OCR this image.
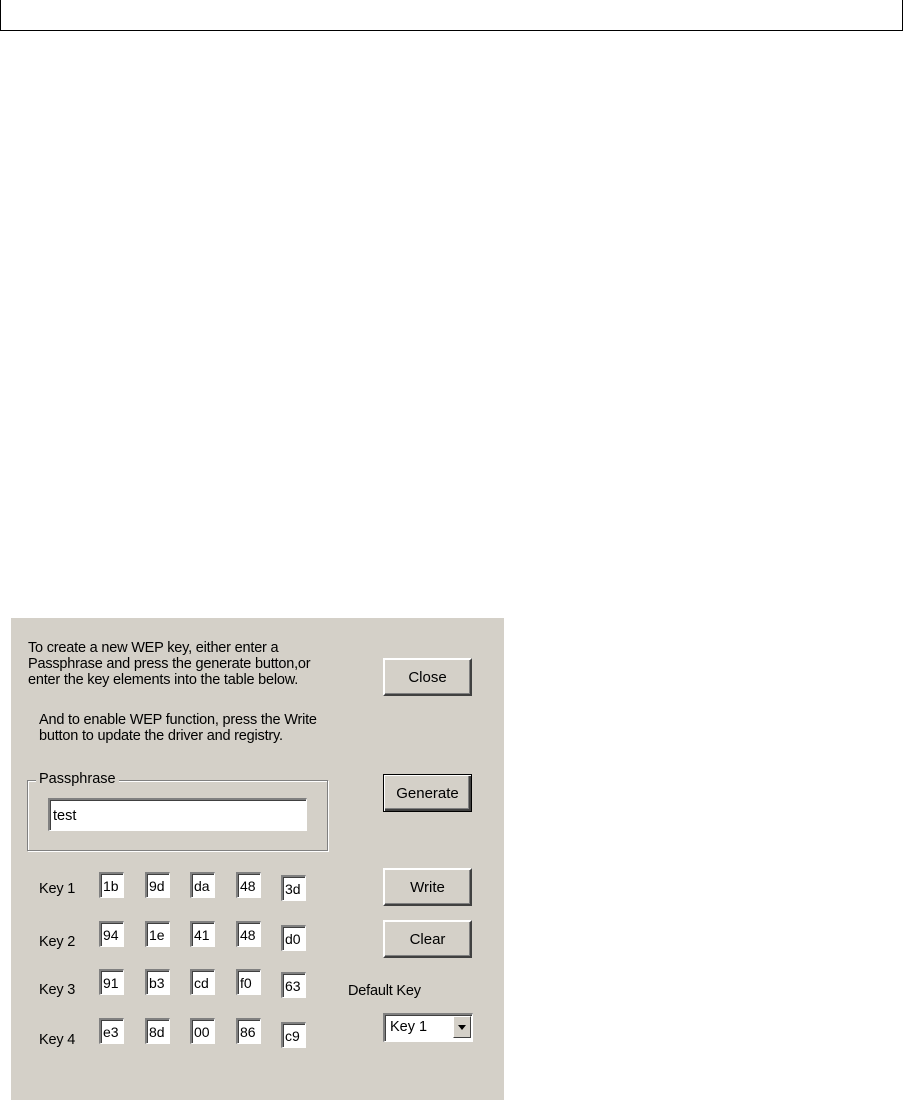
To create a new WEP key, either enter a
Passphrase and press the generate button,or
enter the key elements into the table below.
And to enable WEP function, press the Write
button to update the driver and registry.
Close
Generate
Write
Clear
Passphrase
test
Key 1
1b
9d
da
48
3d
Key 2
94
1e
41
48
d0
Key 3
91
b3
cd
f0
63
Key 4
e3
8d
00
86
c9
Default Key
Key 1
